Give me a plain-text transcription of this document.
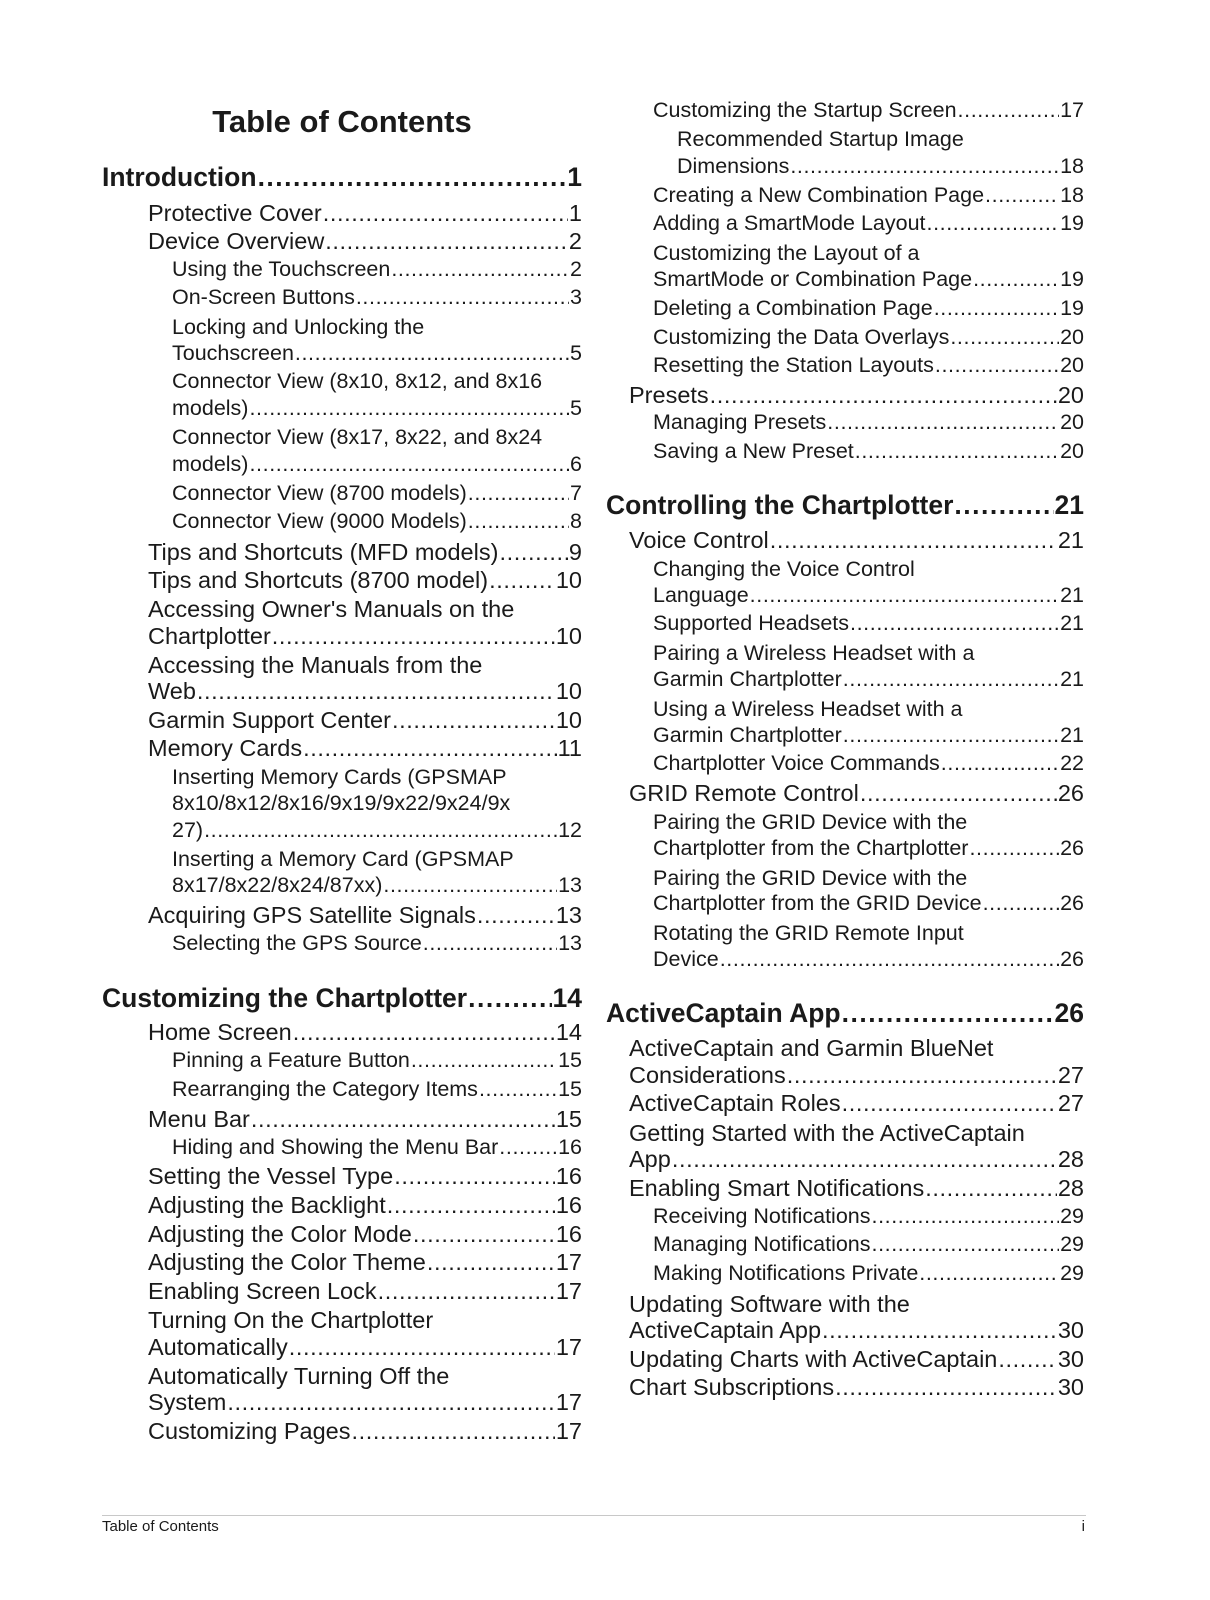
Table of Contents
Introduction .....	1
Protective Cover .....	1
Device Overview .....	2
Using the Touchscreen .....	2
On-Screen Buttons .....	3
Locking and Unlocking the
Touchscreen .....	5
Connector View (8x10, 8x12, and 8x16
models) .....	5
Connector View (8x17, 8x22, and 8x24
models) .....	6
Connector View (8700 models) .....	7
Connector View (9000 Models) .....	8
Tips and Shortcuts (MFD models) .....	9
Tips and Shortcuts (8700 model) .....	10
Accessing Owner's Manuals on the
Chartplotter .....	10
Accessing the Manuals from the
Web .....	10
Garmin Support Center .....	10
Memory Cards .....	11
Inserting Memory Cards (GPSMAP
8x10/8x12/8x16/9x19/9x22/9x24/9x
27) .....	12
Inserting a Memory Card (GPSMAP
8x17/8x22/8x24/87xx) .....	13
Acquiring GPS Satellite Signals .....	13
Selecting the GPS Source .....	13
Customizing the Chartplotter .....	14
Home Screen .....	14
Pinning a Feature Button .....	15
Rearranging the Category Items .....	15
Menu Bar .....	15
Hiding and Showing the Menu Bar .....	16
Setting the Vessel Type .....	16
Adjusting the Backlight .....	16
Adjusting the Color Mode .....	16
Adjusting the Color Theme .....	17
Enabling Screen Lock .....	17
Turning On the Chartplotter
Automatically .....	17
Automatically Turning Off the
System .....	17
Customizing Pages .....	17
Customizing the Startup Screen .....	17
Recommended Startup Image
Dimensions .....	18
Creating a New Combination Page .....	18
Adding a SmartMode Layout .....	19
Customizing the Layout of a
SmartMode or Combination Page .....	19
Deleting a Combination Page .....	19
Customizing the Data Overlays .....	20
Resetting the Station Layouts .....	20
Presets .....	20
Managing Presets .....	20
Saving a New Preset .....	20
Controlling the Chartplotter .....	21
Voice Control .....	21
Changing the Voice Control
Language .....	21
Supported Headsets .....	21
Pairing a Wireless Headset with a
Garmin Chartplotter .....	21
Using a Wireless Headset with a
Garmin Chartplotter .....	21
Chartplotter Voice Commands .....	22
GRID Remote Control .....	26
Pairing the GRID Device with the
Chartplotter from the Chartplotter .....	26
Pairing the GRID Device with the
Chartplotter from the GRID Device .....	26
Rotating the GRID Remote Input
Device .....	26
ActiveCaptain App .....	26
ActiveCaptain and Garmin BlueNet
Considerations .....	27
ActiveCaptain Roles .....	27
Getting Started with the ActiveCaptain
App .....	28
Enabling Smart Notifications .....	28
Receiving Notifications .....	29
Managing Notifications .....	29
Making Notifications Private .....	29
Updating Software with the
ActiveCaptain App .....	30
Updating Charts with ActiveCaptain .....	30
Chart Subscriptions .....	30
Table of Contents	i
